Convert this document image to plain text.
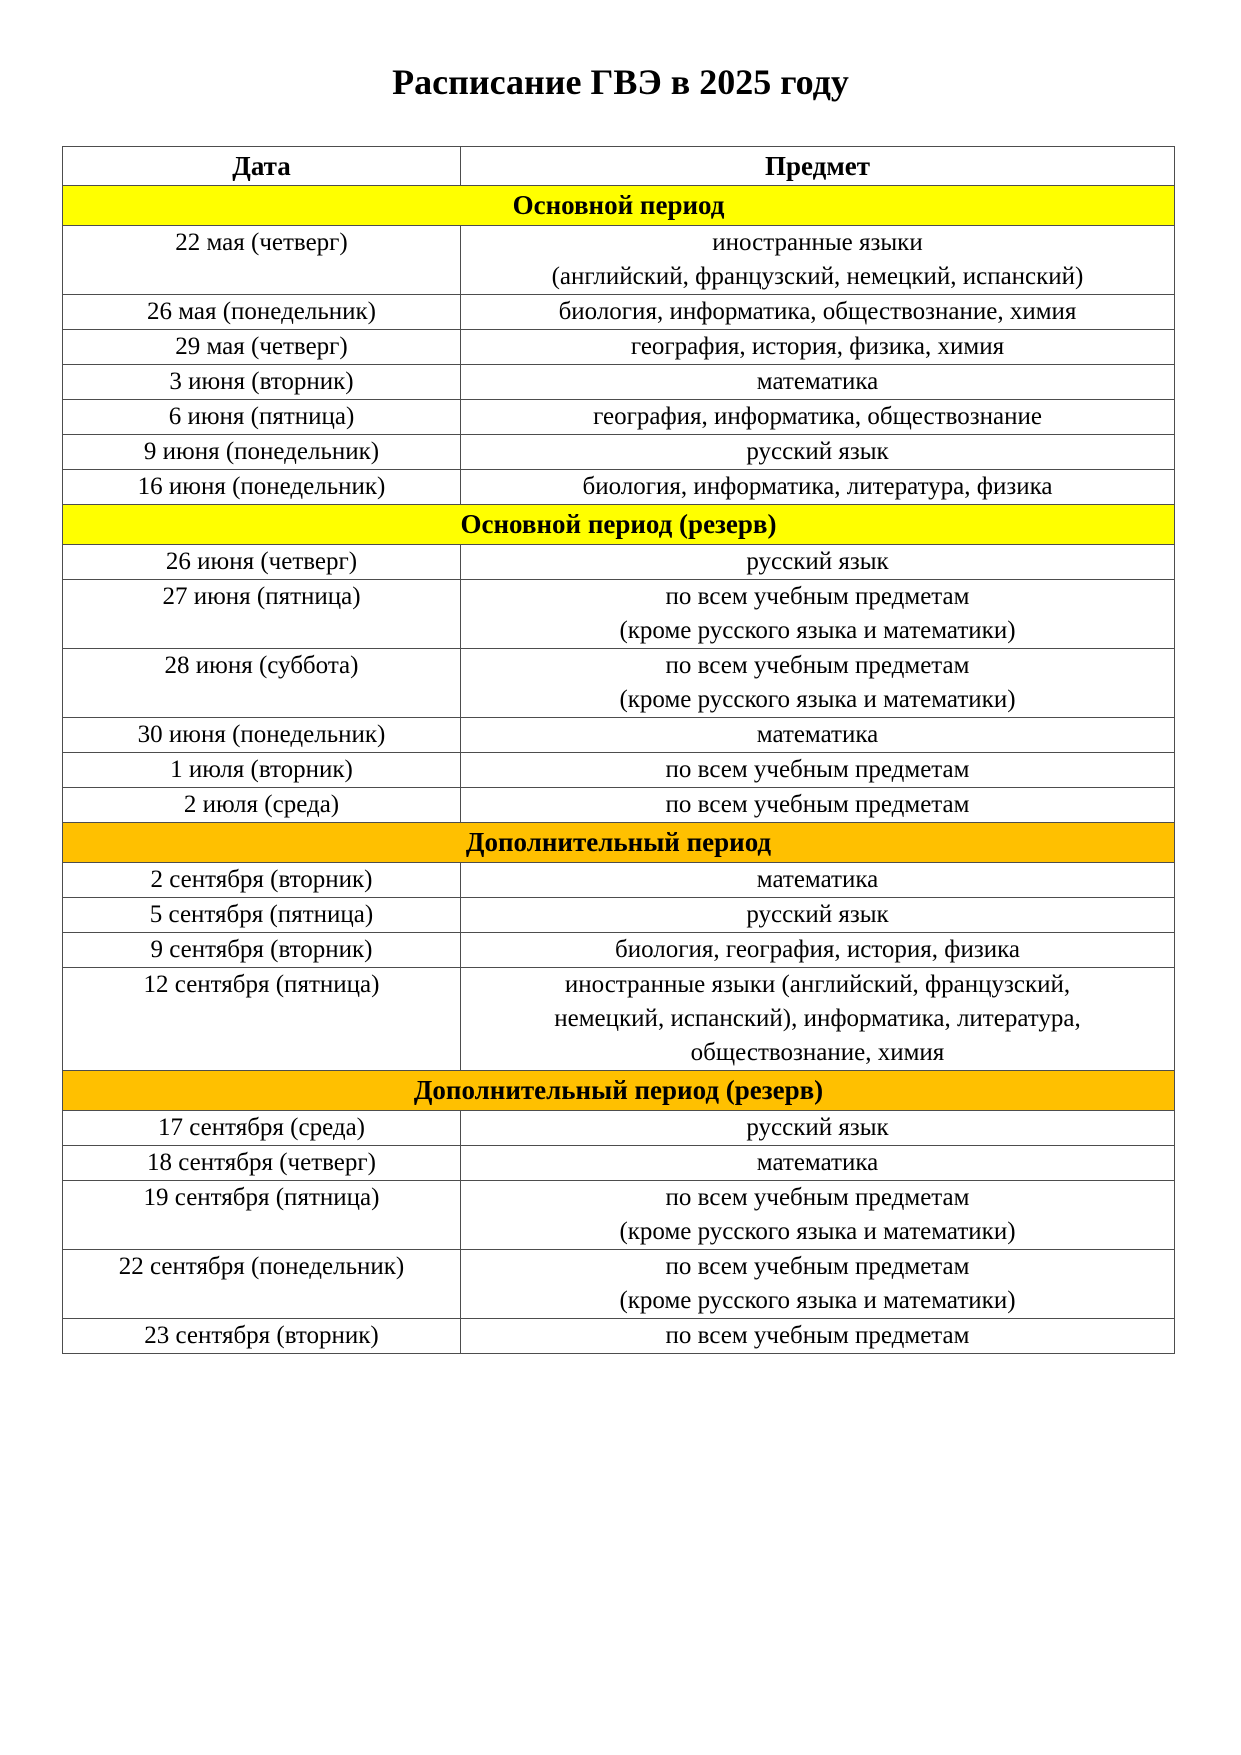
Расписание ГВЭ в 2025 году
Дата	Предмет
Основной период	
22 мая (четверг)	иностранные языки
(английский, французский, немецкий, испанский)
26 мая (понедельник)	биология, информатика, обществознание, химия
29 мая (четверг)	география, история, физика, химия
3 июня (вторник)	математика
6 июня (пятница)	география, информатика, обществознание
9 июня (понедельник)	русский язык
16 июня (понедельник)	биология, информатика, литература, физика
Основной период (резерв)	
26 июня (четверг)	русский язык
27 июня (пятница)	по всем учебным предметам
(кроме русского языка и математики)
28 июня (суббота)	по всем учебным предметам
(кроме русского языка и математики)
30 июня (понедельник)	математика
1 июля (вторник)	по всем учебным предметам
2 июля (среда)	по всем учебным предметам
Дополнительный период	
2 сентября (вторник)	математика
5 сентября (пятница)	русский язык
9 сентября (вторник)	биология, география, история, физика
12 сентября (пятница)	иностранные языки (английский, французский,
немецкий, испанский), информатика, литература,
обществознание, химия
Дополнительный период (резерв)	
17 сентября (среда)	русский язык
18 сентября (четверг)	математика
19 сентября (пятница)	по всем учебным предметам
(кроме русского языка и математики)
22 сентября (понедельник)	по всем учебным предметам
(кроме русского языка и математики)
23 сентября (вторник)	по всем учебным предметам
